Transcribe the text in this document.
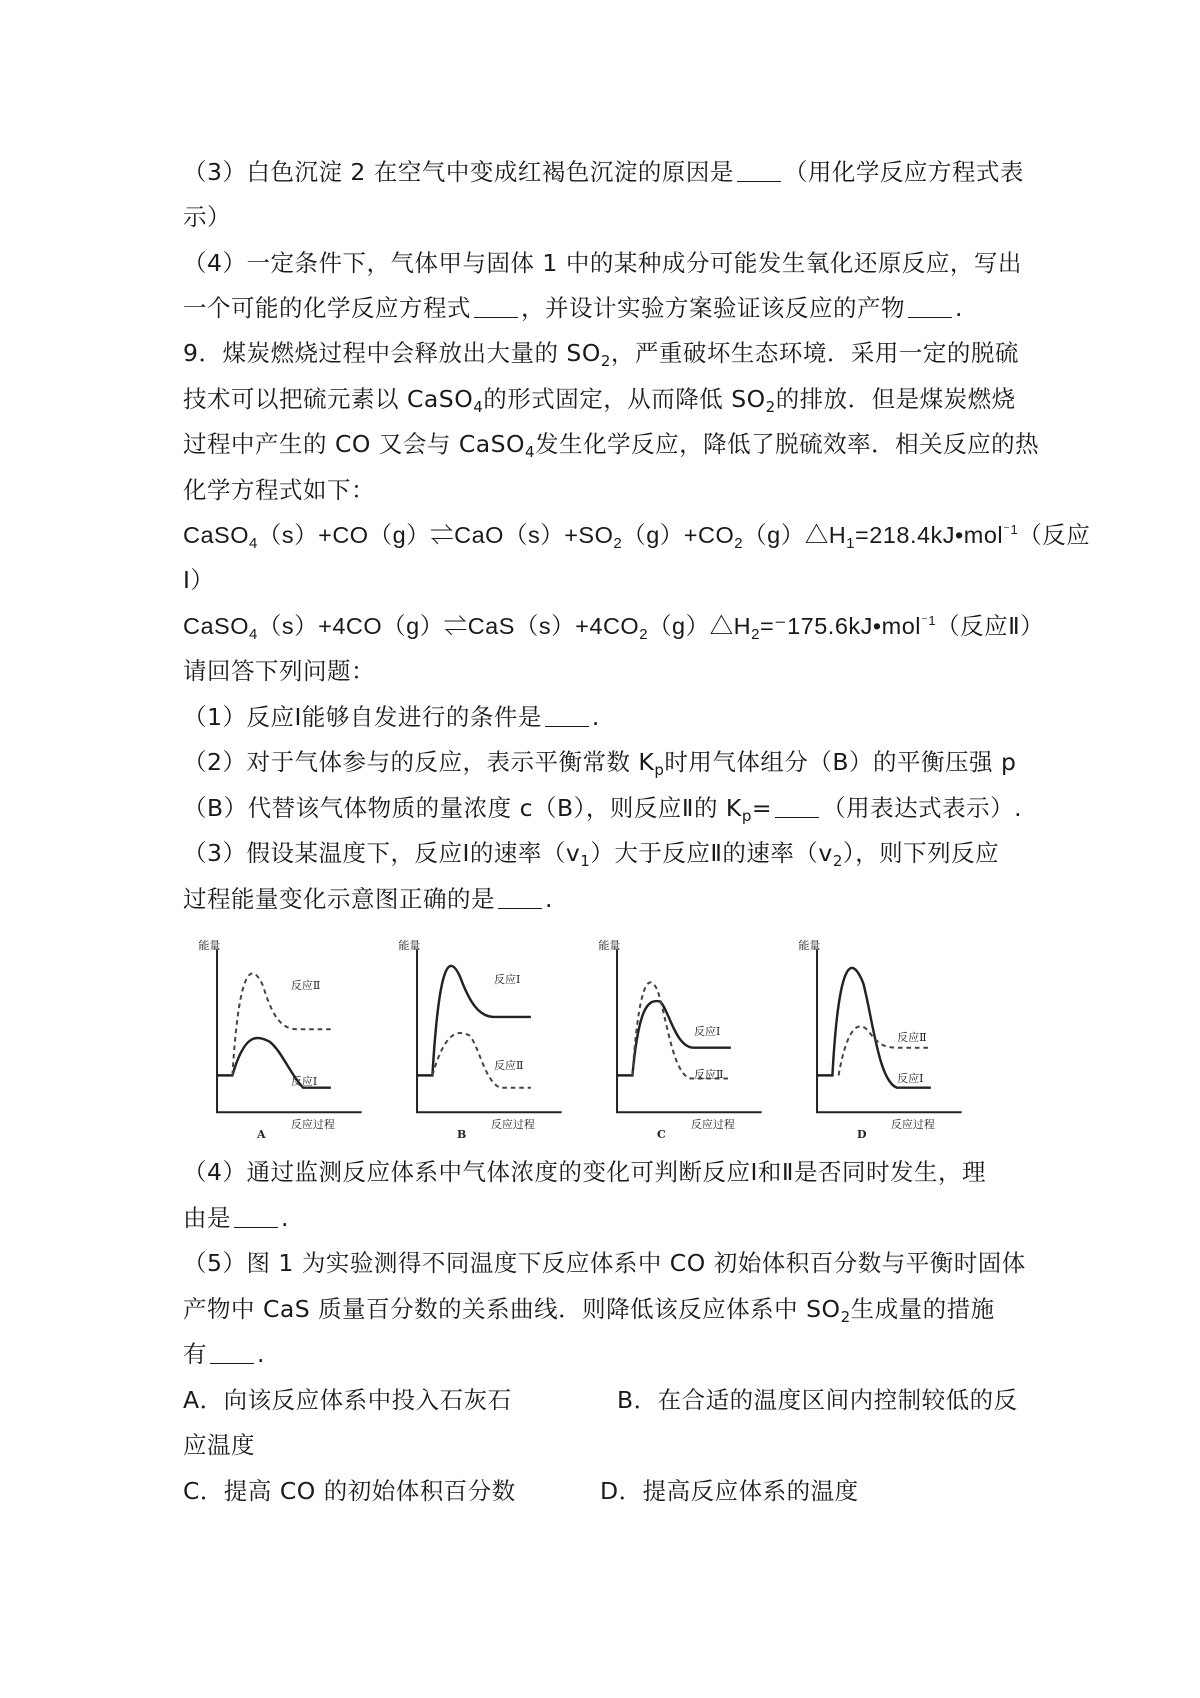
（3）白色沉淀 2 在空气中变成红褐色沉淀的原因是 （用化学反应方程式表
示）
（4）一定条件下，气体甲与固体 1 中的某种成分可能发生氧化还原反应，写出
一个可能的化学反应方程式 ，并设计实验方案验证该反应的产物 .
9．煤炭燃烧过程中会释放出大量的 $SO_2$，严重破坏生态环境．采用一定的脱硫
技术可以把硫元素以 CaSO$_4$的形式固定，从而降低 $SO_2$的排放．但是煤炭燃烧
过程中产生的 CO 又会与 CaSO$_4$发生化学反应，降低了脱硫效率．相关反应的热
化学方程式如下：
$CaSO_4(s)+CO(g)\rightleftharpoons CaO(s)+SO_2(g)+CO_2(g)\triangle H_1=218.4kJ•mol^{^-1}$（反应
Ⅰ）
$CaSO_4(s)+4CO(g)\rightleftharpoons CaS(s)+4CO_2(g)\triangle H_2=^-175.6kJ•mol^{^-1}$（反应Ⅱ）
请回答下列问题：
（1）反应Ⅰ能够自发进行的条件是 .
（2）对于气体参与的反应，表示平衡常数 $K_p$时用气体组分（B）的平衡压强 p
（B）代替该气体物质的量浓度 c（B），则反应Ⅱ的 $K_p=$ （用表达式表示）.
（3）假设某温度下，反应Ⅰ的速率$(v_1)$大于反应Ⅱ的速率$(v_2)$，则下列反应
过程能量变化示意图正确的是 .
能量
反应过程
反应Ⅱ
反应Ⅰ
A
能量
反应过程
反应Ⅰ
反应Ⅱ
B
能量
反应过程
反应Ⅰ
反应Ⅱ
C
能量
反应过程
反应Ⅱ
反应Ⅰ
D
（4）通过监测反应体系中气体浓度的变化可判断反应Ⅰ和Ⅱ是否同时发生，理
由是 .
（5）图 1 为实验测得不同温度下反应体系中 CO 初始体积百分数与平衡时固体
产物中 CaS 质量百分数的关系曲线．则降低该反应体系中 $SO_2$生成量的措施
有 .
A．向该反应体系中投入石灰石	B．在合适的温度区间内控制较低的反
应温度
C．提高 CO 的初始体积百分数	D．提高反应体系的温度
